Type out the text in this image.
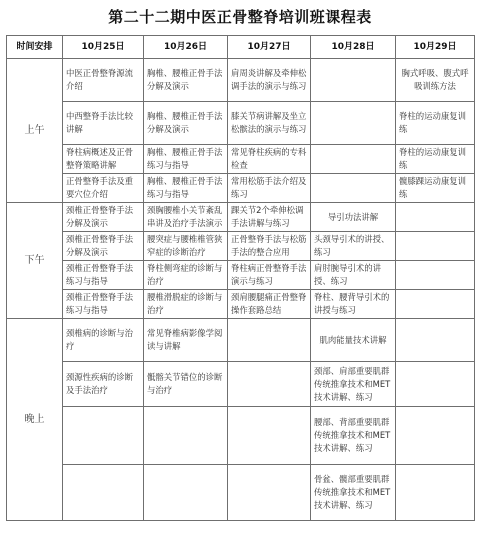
第二十二期中医正骨整脊培训班课程表
时间安排	10月25日	10月26日	10月27日	10月28日	10月29日
上午	中医正骨整脊源流介绍	胸椎、腰椎正骨手法分解及演示	肩周炎讲解及牵伸松调手法的演示与练习		胸式呼吸、腹式呼吸训练方法
	中西整脊手法比较讲解	胸椎、腰椎正骨手法分解及演示	膝关节病讲解及坐立松髌法的演示与练习		脊柱的运动康复训练
	脊柱病概述及正骨整脊策略讲解	胸椎、腰椎正骨手法练习与指导	常见脊柱疾病的专科检查		脊柱的运动康复训练
	正骨整脊手法及重要穴位介绍	胸椎、腰椎正骨手法练习与指导	常用松筋手法介绍及练习		髋膝踝运动康复训练
下午	颈椎正骨整脊手法分解及演示	颈胸腰椎小关节紊乱串讲及治疗手法演示	踝关节2个牵伸松调手法讲解与练习	导引功法讲解	
	颈椎正骨整脊手法分解及演示	腰突症与腰椎椎管狭窄症的诊断治疗	正骨整脊手法与松筋手法的整合应用	头颈导引术的讲授、练习	
	颈椎正骨整脊手法练习与指导	脊柱侧弯症的诊断与治疗	脊柱病正骨整脊手法演示与练习	肩肘腕导引术的讲授、练习	
	颈椎正骨整脊手法练习与指导	腰椎滑脱症的诊断与治疗	颈肩腰腿痛正骨整脊操作套路总结	脊柱、腰背导引术的讲授与练习	
晚上	颈椎病的诊断与治疗	常见脊椎病影像学阅读与讲解		肌肉能量技术讲解	
	颈源性疾病的诊断及手法治疗	骶髂关节错位的诊断与治疗		颈部、肩部重要肌群传统推拿技术和MET技术讲解、练习	
				腰部、背部重要肌群传统推拿技术和MET技术讲解、练习	
				骨盆、髋部重要肌群传统推拿技术和MET技术讲解、练习	
